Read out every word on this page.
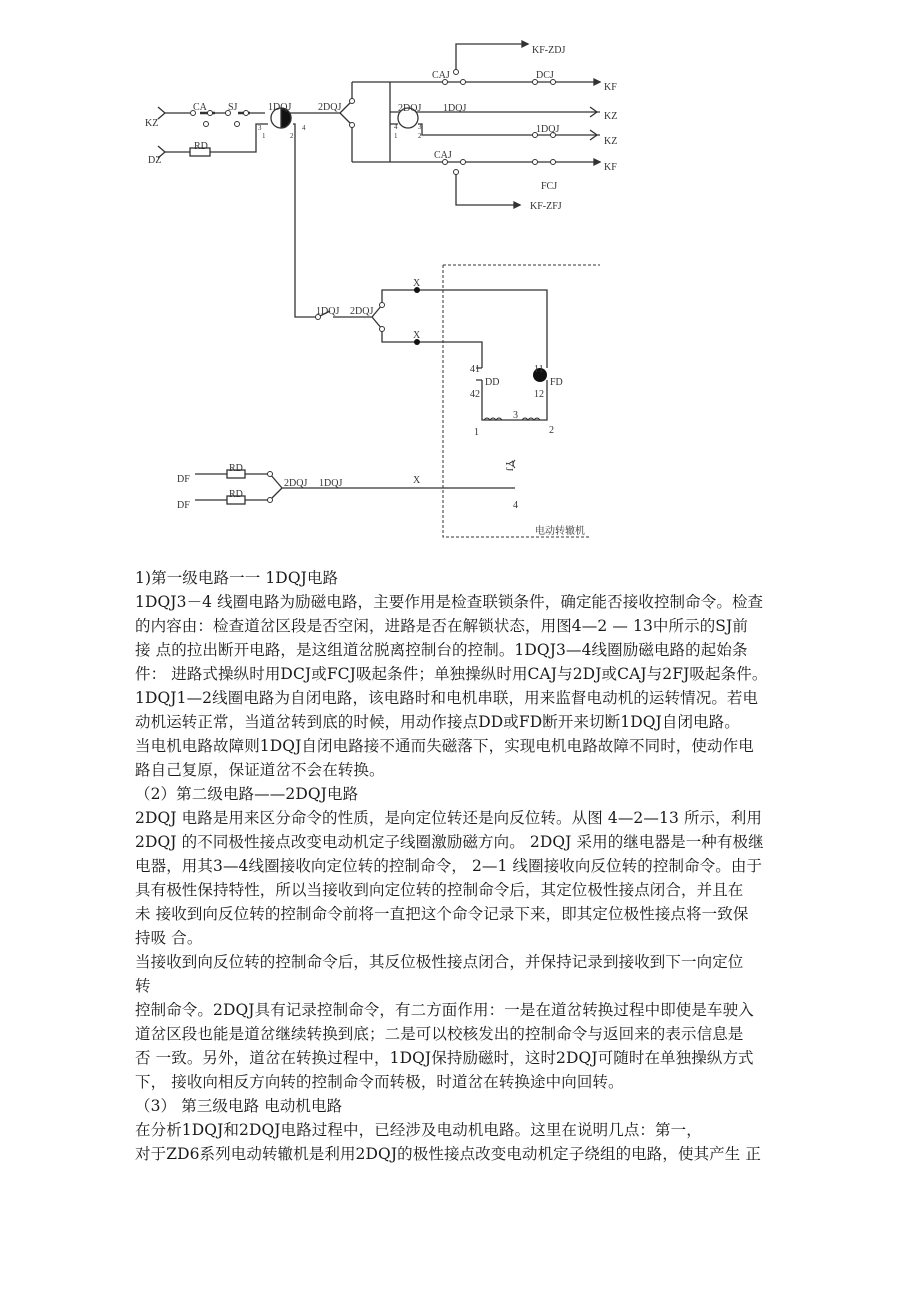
KZ
DZ
CA SJ
RD
1DQJ	2DQJ
CAJ	DCJ
KF-ZDJ
KF
2DQJ 1DQJ
KZ
1DQJ
KZ
CAJ
FCJ
KF
KF-ZFJ
3
1	2
4	4
1
3
2
1DQJ 2DQJ
X
X
X
41
42
DD
11
12
FD
1	2
3
4
YJ
DF
DF
RD
RD
2DQJ 1DQJ
电动转辙机
1)第一级电路一一 1DQJ电路
1DQJ3－4 线圈电路为励磁电路，主要作用是检查联锁条件，确定能否接收控制命令。检查
的内容由：检查道岔区段是否空闲，进路是否在解锁状态，用图4—2 — 13中所示的SJ前
接 点的拉出断开电路，是这组道岔脱离控制台的控制。1DQJ3—4线圈励磁电路的起始条
件： 进路式操纵时用DCJ或FCJ吸起条件；单独操纵时用CAJ与2DJ或CAJ与2FJ吸起条件。
1DQJ1—2线圈电路为自闭电路，该电路时和电机串联，用来监督电动机的运转情况。若电
动机运转正常，当道岔转到底的时候，用动作接点DD或FD断开来切断1DQJ自闭电路。
当电机电路故障则1DQJ自闭电路接不通而失磁落下，实现电机电路故障不同时，使动作电
路自己复原，保证道岔不会在转换。
（2）第二级电路——2DQJ电路
2DQJ 电路是用来区分命令的性质，是向定位转还是向反位转。从图 4—2—13 所示，利用
2DQJ 的不同极性接点改变电动机定子线圈激励磁方向。 2DQJ 采用的继电器是一种有极继
电器，用其3—4线圈接收向定位转的控制命令， 2—1 线圈接收向反位转的控制命令。由于
具有极性保持特性，所以当接收到向定位转的控制命令后，其定位极性接点闭合，并且在
未 接收到向反位转的控制命令前将一直把这个命令记录下来，即其定位极性接点将一致保
持吸 合。
当接收到向反位转的控制命令后，其反位极性接点闭合，并保持记录到接收到下一向定位
转
控制命令。2DQJ具有记录控制命令，有二方面作用：一是在道岔转换过程中即使是车驶入
道岔区段也能是道岔继续转换到底；二是可以校核发出的控制命令与返回来的表示信息是
否 一致。另外，道岔在转换过程中，1DQJ保持励磁时，这时2DQJ可随时在单独操纵方式
下， 接收向相反方向转的控制命令而转极，时道岔在转换途中向回转。
（3） 第三级电路 电动机电路
在分析1DQJ和2DQJ电路过程中，已经涉及电动机电路。这里在说明几点：第一，
对于ZD6系列电动转辙机是利用2DQJ的极性接点改变电动机定子绕组的电路，使其产生 正
